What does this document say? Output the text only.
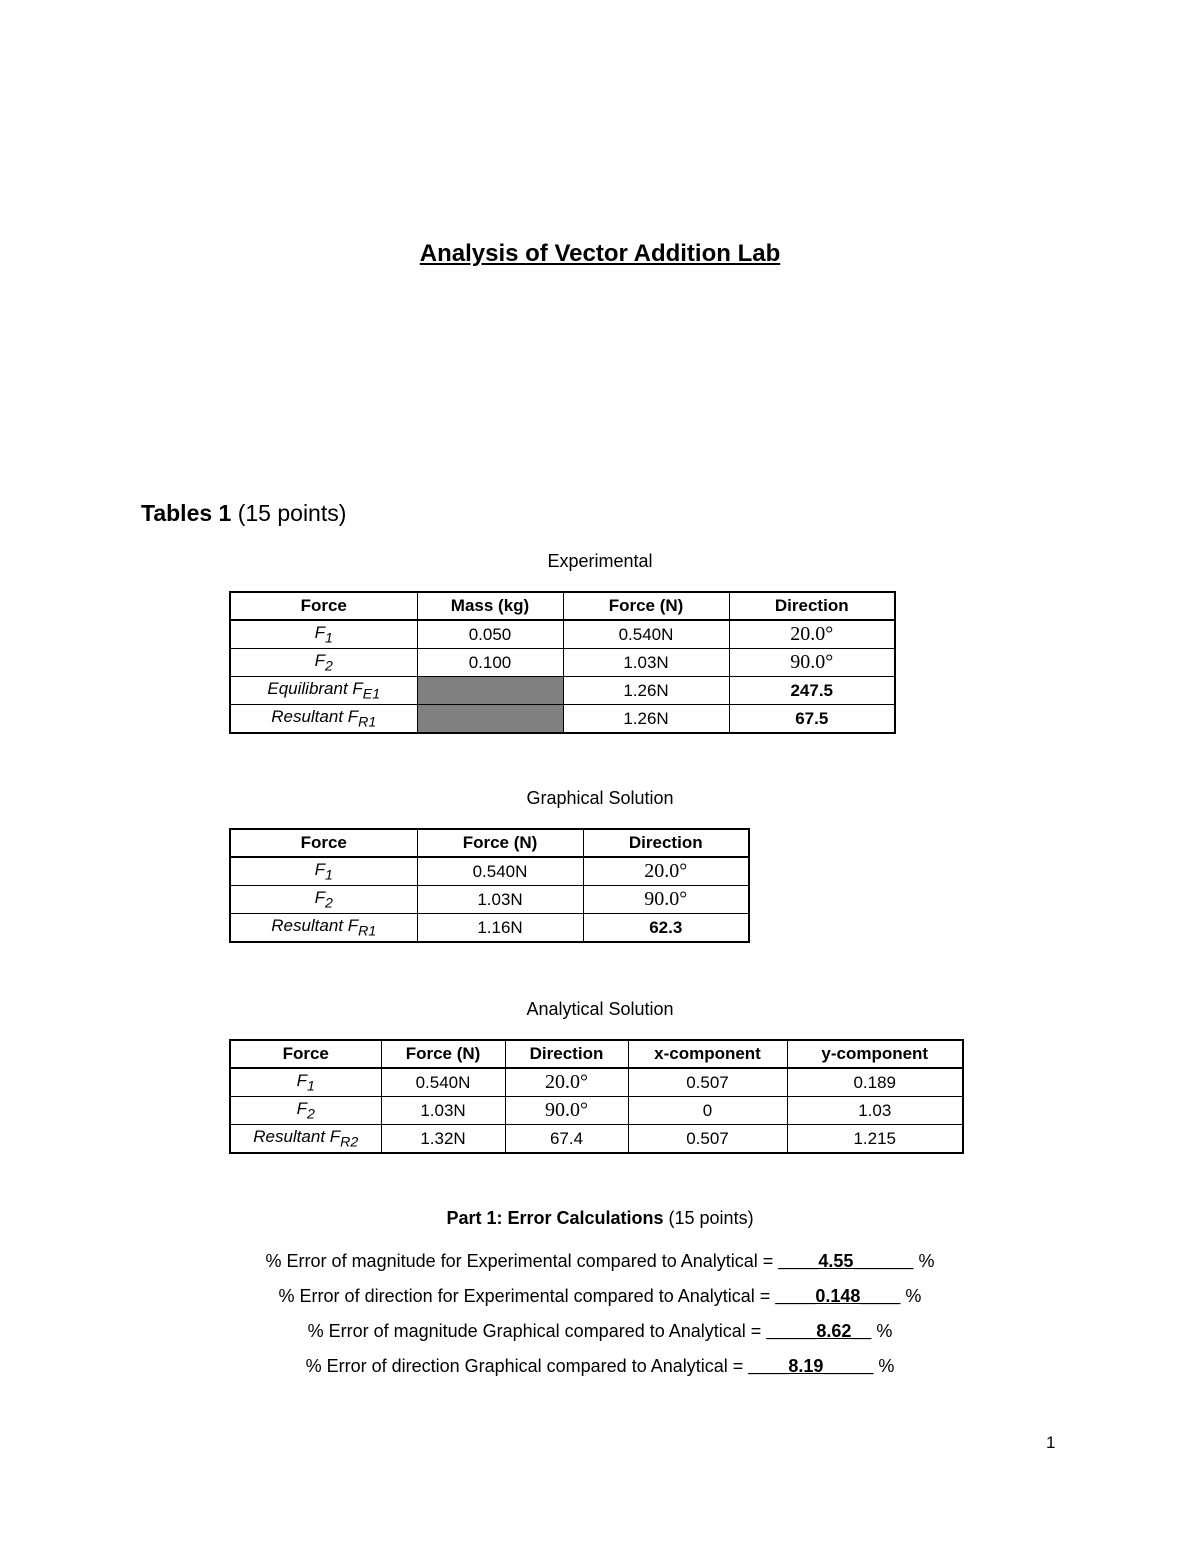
Analysis of Vector Addition Lab
Tables 1 (15 points)
Experimental
Force	Mass (kg)	Force (N)	Direction
$F_1$	0.050	0.540N	20.0°
$F_2$	0.100	1.03N	90.0°
Equilibrant $F_{E1}$		1.26N	247.5
Resultant $F_{R1}$		1.26N	67.5
Graphical Solution
Force	Force (N)	Direction
$F_1$	0.540N	20.0°
$F_2$	1.03N	90.0°
Resultant $F_{R1}$	1.16N	62.3
Analytical Solution
Force	Force (N)	Direction	x-component	y-component
$F_1$	0.540N	20.0°	0.507	0.189
$F_2$	1.03N	90.0°	0	1.03
Resultant $F_{R2}$	1.32N	67.4	0.507	1.215
Part 1: Error Calculations (15 points)
% Error of magnitude for Experimental compared to Analytical = ____4.55______ %
% Error of direction for Experimental compared to Analytical = ____0.148____ %
% Error of magnitude Graphical compared to Analytical = _____8.62__ %
% Error of direction Graphical compared to Analytical = ____8.19_____ %
1
